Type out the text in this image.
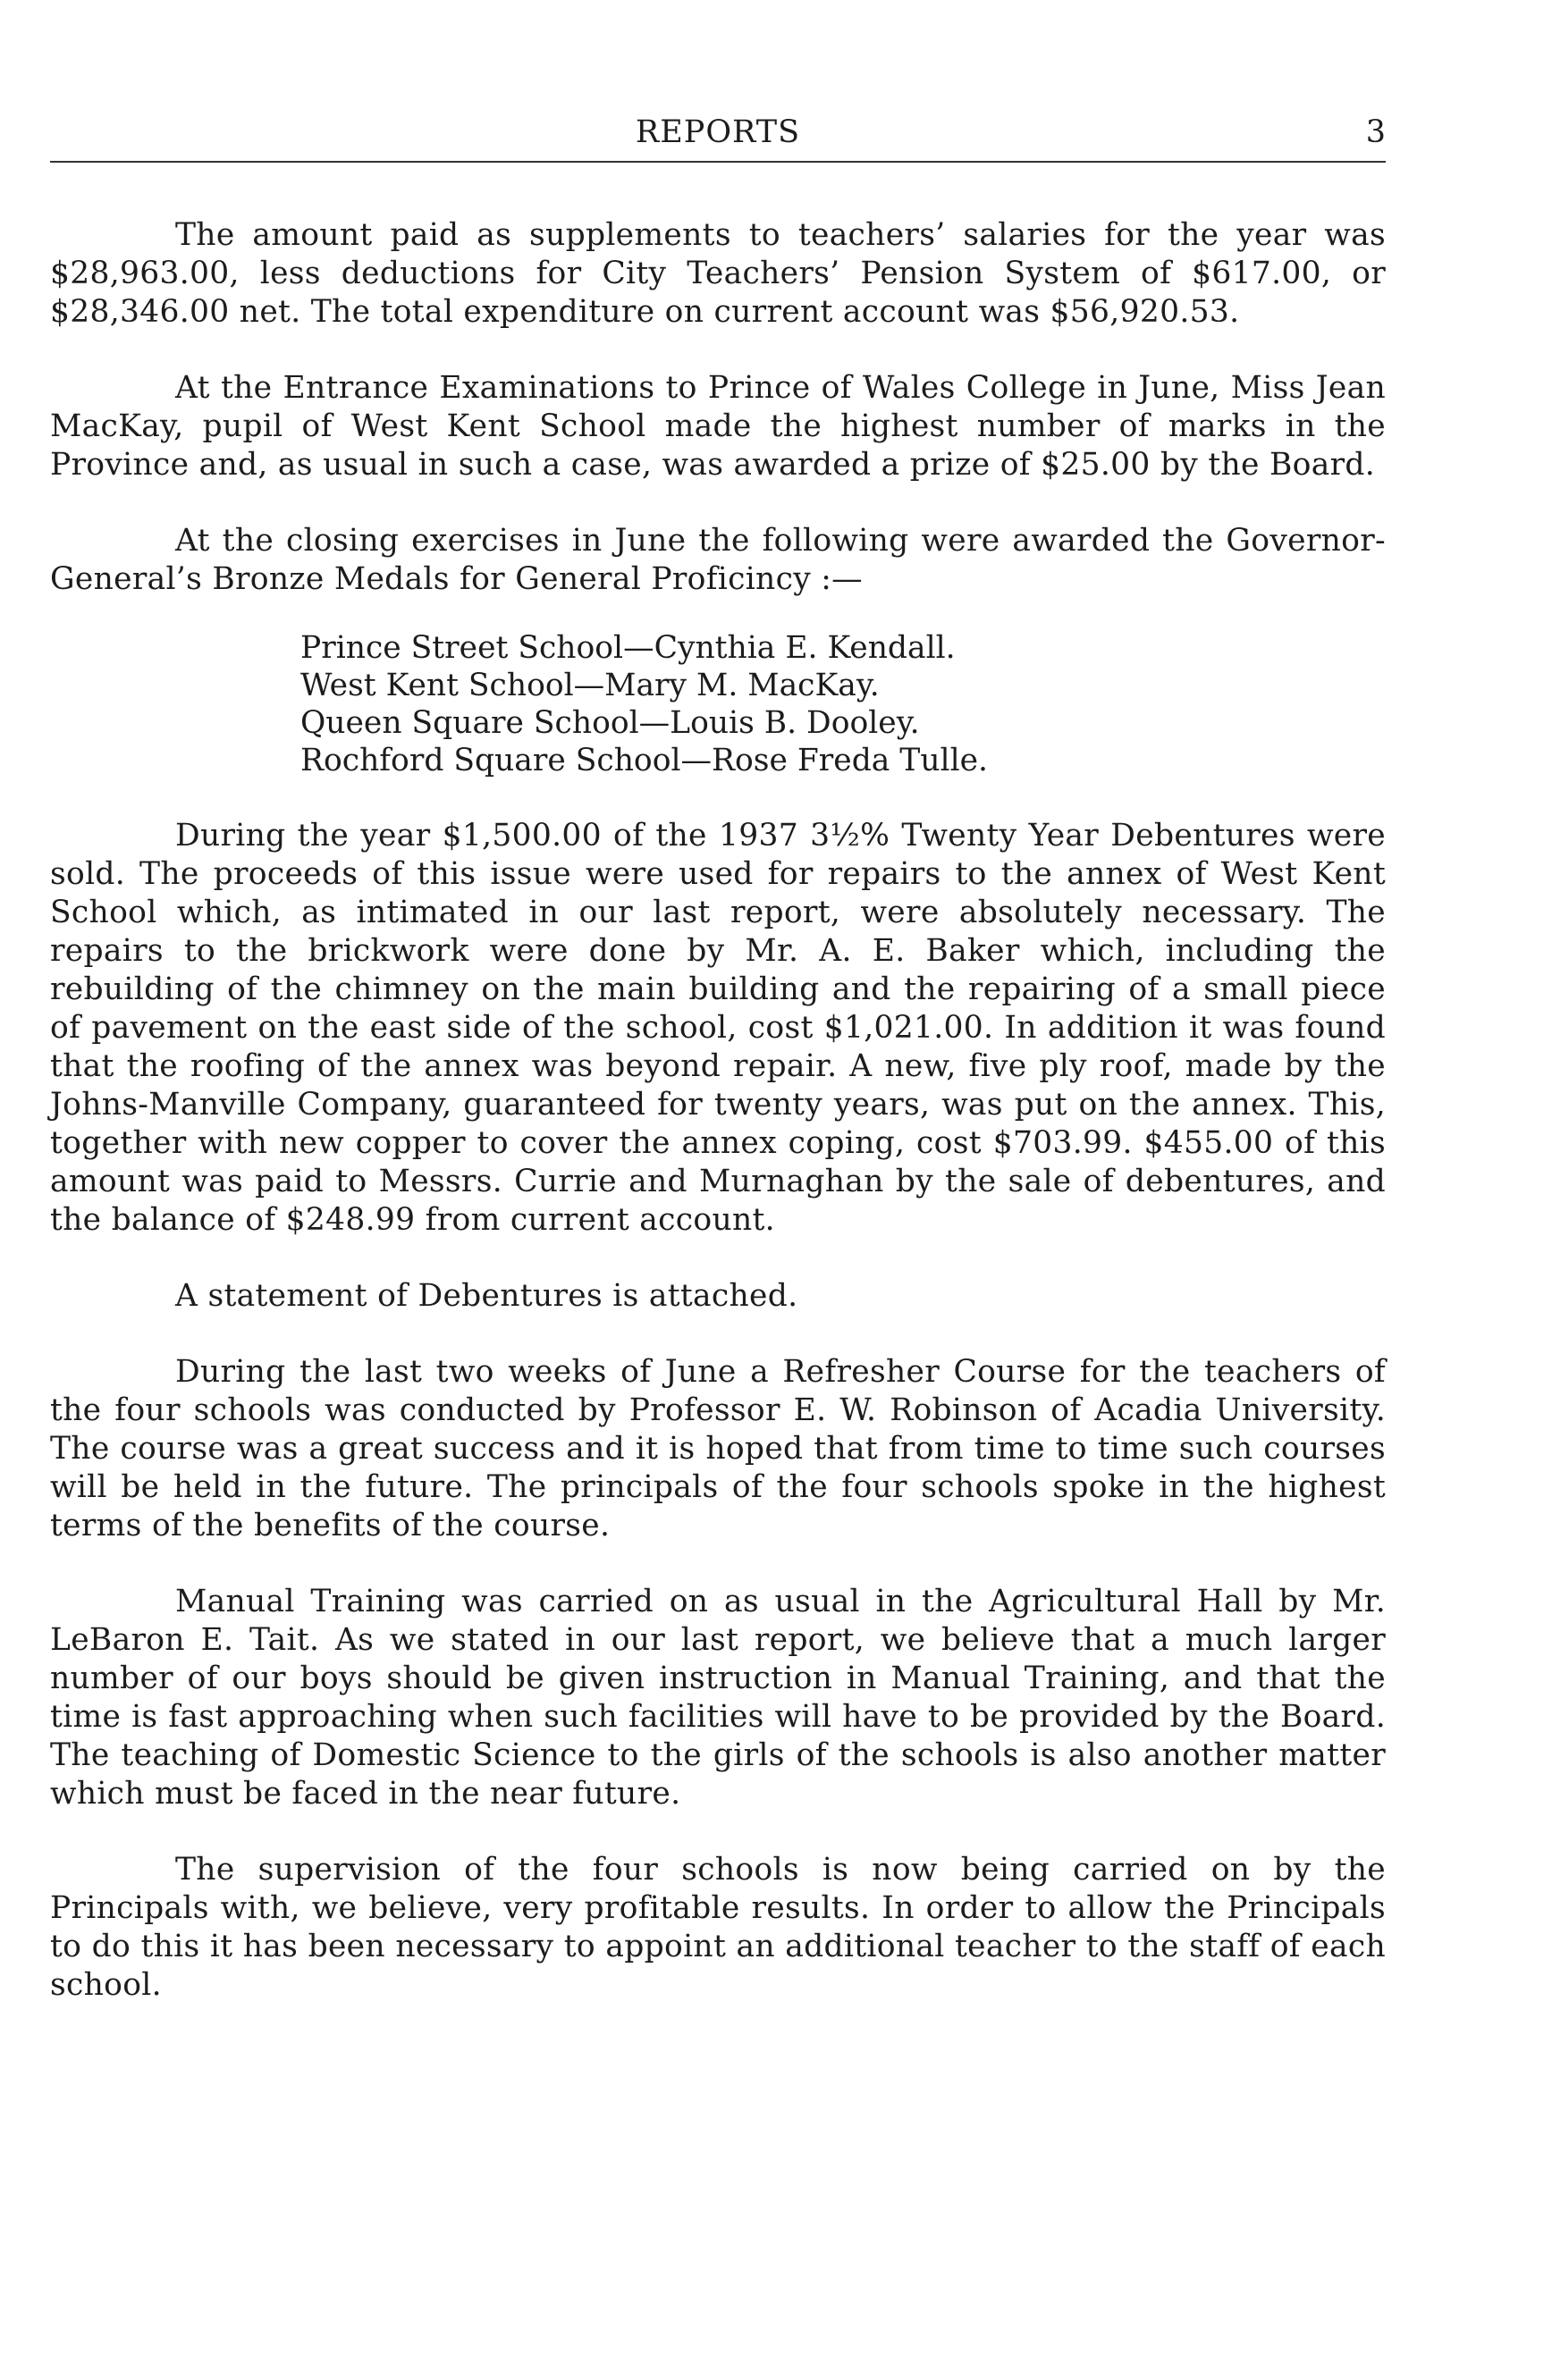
REPORTS	3

The amount paid as supplements to teachers’ salaries for the year was $28,963.00, less deductions for City Teachers’ Pension System of $617.00, or $28,346.00 net. The total expenditure on current account was $56,920.53.

At the Entrance Examinations to Prince of Wales College in June, Miss Jean MacKay, pupil of West Kent School made the highest number of marks in the Province and, as usual in such a case, was awarded a prize of $25.00 by the Board.

At the closing exercises in June the following were awarded the Governor-General’s Bronze Medals for General Proficincy :—

Prince Street School—Cynthia E. Kendall.
West Kent School—Mary M. MacKay.
Queen Square School—Louis B. Dooley.
Rochford Square School—Rose Freda Tulle.

During the year $1,500.00 of the 1937 3½% Twenty Year Debentures were sold. The proceeds of this issue were used for repairs to the annex of West Kent School which, as intimated in our last report, were absolutely necessary. The repairs to the brickwork were done by Mr. A. E. Baker which, including the rebuilding of the chimney on the main building and the repairing of a small piece of pavement on the east side of the school, cost $1,021.00. In addition it was found that the roofing of the annex was beyond repair. A new, five ply roof, made by the Johns-Manville Company, guaranteed for twenty years, was put on the annex. This, together with new copper to cover the annex coping, cost $703.99. $455.00 of this amount was paid to Messrs. Currie and Murnaghan by the sale of debentures, and the balance of $248.99 from current account.

A statement of Debentures is attached.

During the last two weeks of June a Refresher Course for the teachers of the four schools was conducted by Professor E. W. Robinson of Acadia University. The course was a great success and it is hoped that from time to time such courses will be held in the future. The principals of the four schools spoke in the highest terms of the benefits of the course.

Manual Training was carried on as usual in the Agricultural Hall by Mr. LeBaron E. Tait. As we stated in our last report, we believe that a much larger number of our boys should be given instruction in Manual Training, and that the time is fast approaching when such facilities will have to be provided by the Board. The teaching of Domestic Science to the girls of the schools is also another matter which must be faced in the near future.

The supervision of the four schools is now being carried on by the Principals with, we believe, very profitable results. In order to allow the Principals to do this it has been necessary to appoint an additional teacher to the staff of each school.
